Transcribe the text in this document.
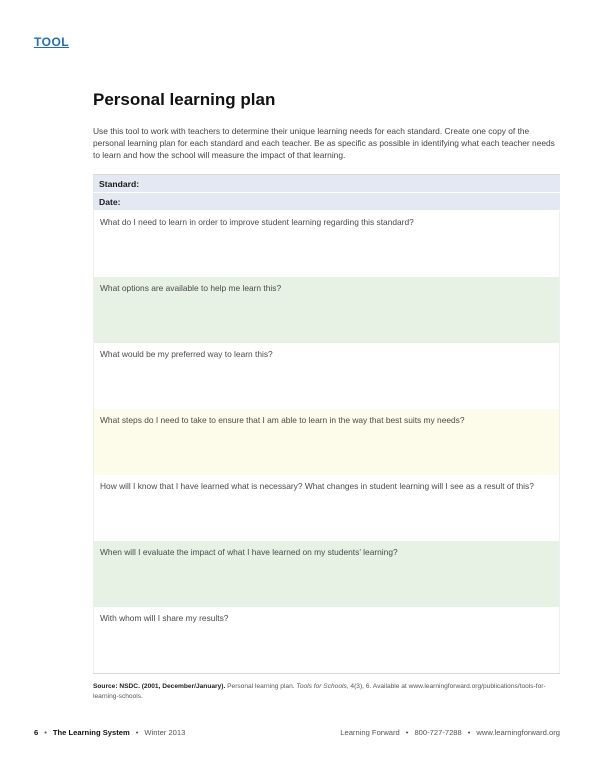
TOOL
Personal learning plan
Use this tool to work with teachers to determine their unique learning needs for each standard. Create one copy of the personal learning plan for each standard and each teacher. Be as specific as possible in identifying what each teacher needs to learn and how the school will measure the impact of that learning.
Standard:
Date:
What do I need to learn in order to improve student learning regarding this standard?
What options are available to help me learn this?
What would be my preferred way to learn this?
What steps do I need to take to ensure that I am able to learn in the way that best suits my needs?
How will I know that I have learned what is necessary? What changes in student learning will I see as a result of this?
When will I evaluate the impact of what I have learned on my students’ learning?
With whom will I share my results?
Source: NSDC. (2001, December/January). Personal learning plan. Tools for Schools, 4(3), 6. Available at www.learningforward.org/publications/tools-for-learning-schools.
6 • The Learning System • Winter 2013	Learning Forward • 800-727-7288 • www.learningforward.org
